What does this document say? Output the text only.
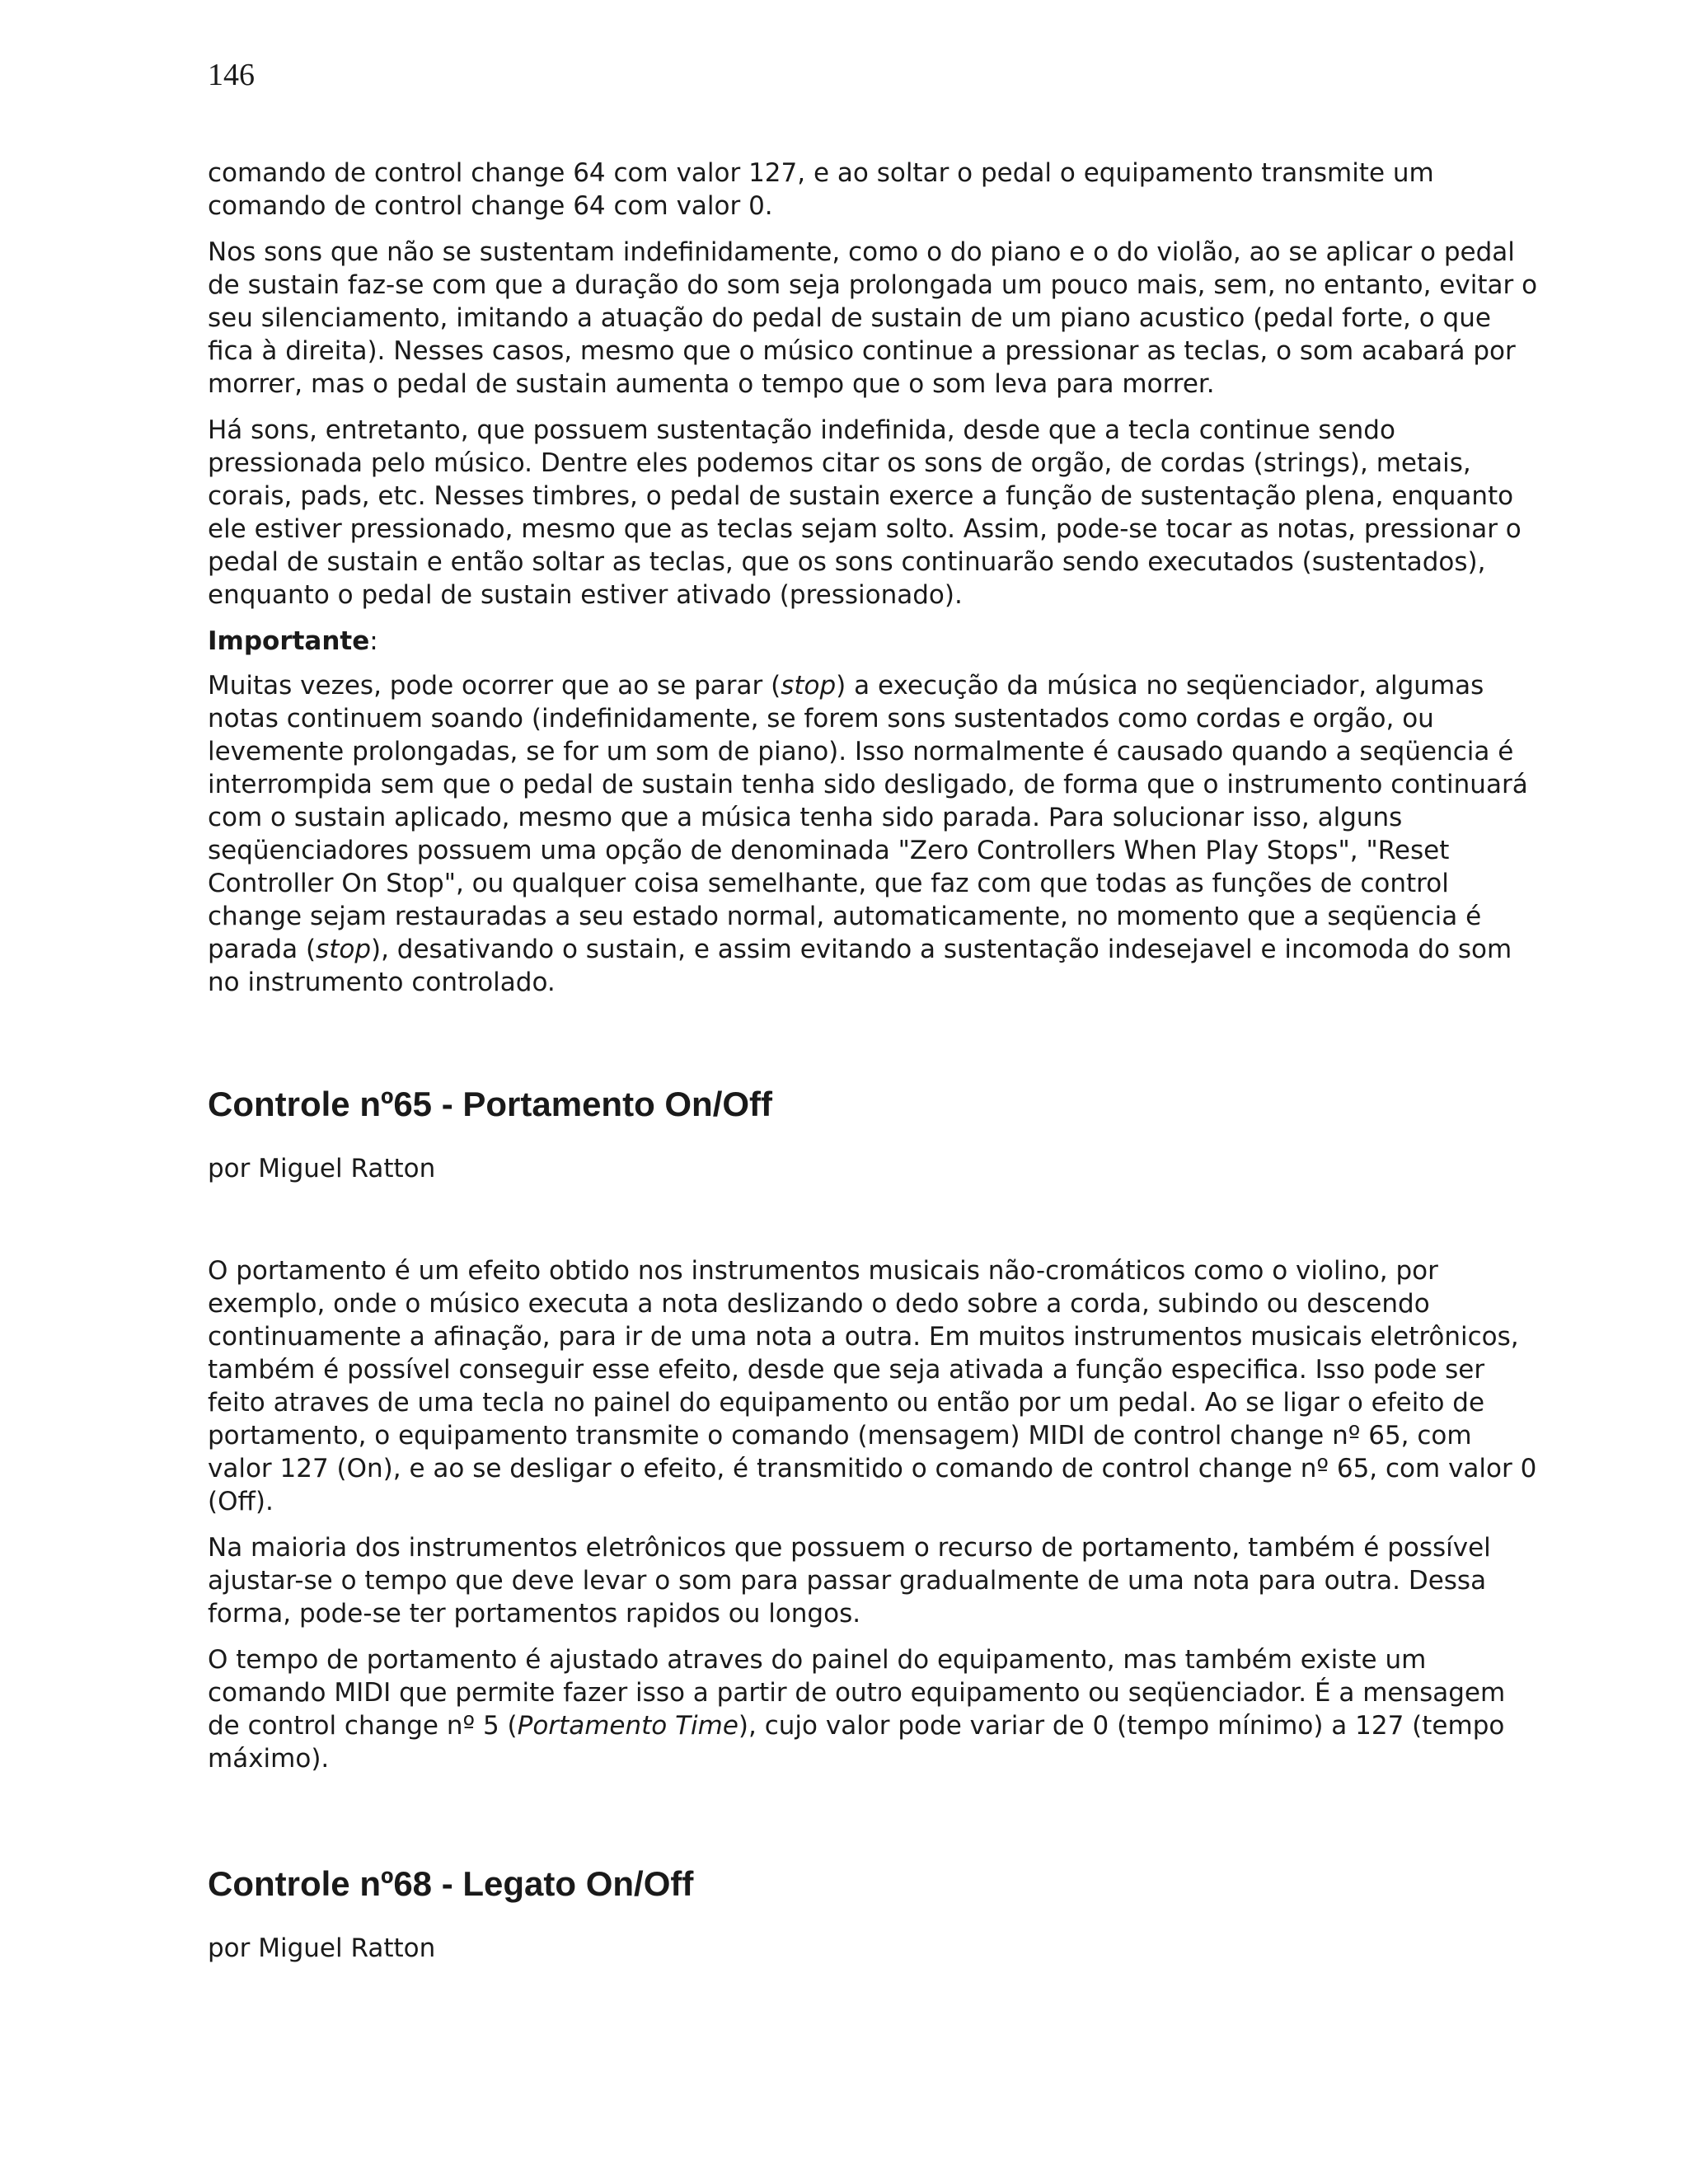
146

comando de control change 64 com valor 127, e ao soltar o pedal o equipamento transmite um comando de control change 64 com valor 0.

Nos sons que não se sustentam indefinidamente, como o do piano e o do violão, ao se aplicar o pedal de sustain faz-se com que a duração do som seja prolongada um pouco mais, sem, no entanto, evitar o seu silenciamento, imitando a atuação do pedal de sustain de um piano acustico (pedal forte, o que fica à direita). Nesses casos, mesmo que o músico continue a pressionar as teclas, o som acabará por morrer, mas o pedal de sustain aumenta o tempo que o som leva para morrer.

Há sons, entretanto, que possuem sustentação indefinida, desde que a tecla continue sendo pressionada pelo músico. Dentre eles podemos citar os sons de orgão, de cordas (strings), metais, corais, pads, etc. Nesses timbres, o pedal de sustain exerce a função de sustentação plena, enquanto ele estiver pressionado, mesmo que as teclas sejam solto. Assim, pode-se tocar as notas, pressionar o pedal de sustain e então soltar as teclas, que os sons continuarão sendo executados (sustentados), enquanto o pedal de sustain estiver ativado (pressionado).

Importante:

Muitas vezes, pode ocorrer que ao se parar (stop) a execução da música no seqüenciador, algumas notas continuem soando (indefinidamente, se forem sons sustentados como cordas e orgão, ou levemente prolongadas, se for um som de piano). Isso normalmente é causado quando a seqüencia é interrompida sem que o pedal de sustain tenha sido desligado, de forma que o instrumento continuará com o sustain aplicado, mesmo que a música tenha sido parada. Para solucionar isso, alguns seqüenciadores possuem uma opção de denominada "Zero Controllers When Play Stops", "Reset Controller On Stop", ou qualquer coisa semelhante, que faz com que todas as funções de control change sejam restauradas a seu estado normal, automaticamente, no momento que a seqüencia é parada (stop), desativando o sustain, e assim evitando a sustentação indesejavel e incomoda do som no instrumento controlado.

Controle nº65 - Portamento On/Off

por Miguel Ratton

O portamento é um efeito obtido nos instrumentos musicais não-cromáticos como o violino, por exemplo, onde o músico executa a nota deslizando o dedo sobre a corda, subindo ou descendo continuamente a afinação, para ir de uma nota a outra. Em muitos instrumentos musicais eletrônicos, também é possível conseguir esse efeito, desde que seja ativada a função especifica. Isso pode ser feito atraves de uma tecla no painel do equipamento ou então por um pedal. Ao se ligar o efeito de portamento, o equipamento transmite o comando (mensagem) MIDI de control change nº 65, com valor 127 (On), e ao se desligar o efeito, é transmitido o comando de control change nº 65, com valor 0 (Off).

Na maioria dos instrumentos eletrônicos que possuem o recurso de portamento, também é possível ajustar-se o tempo que deve levar o som para passar gradualmente de uma nota para outra. Dessa forma, pode-se ter portamentos rapidos ou longos.

O tempo de portamento é ajustado atraves do painel do equipamento, mas também existe um comando MIDI que permite fazer isso a partir de outro equipamento ou seqüenciador. É a mensagem de control change nº 5 (Portamento Time), cujo valor pode variar de 0 (tempo mínimo) a 127 (tempo máximo).

Controle nº68 - Legato On/Off

por Miguel Ratton
